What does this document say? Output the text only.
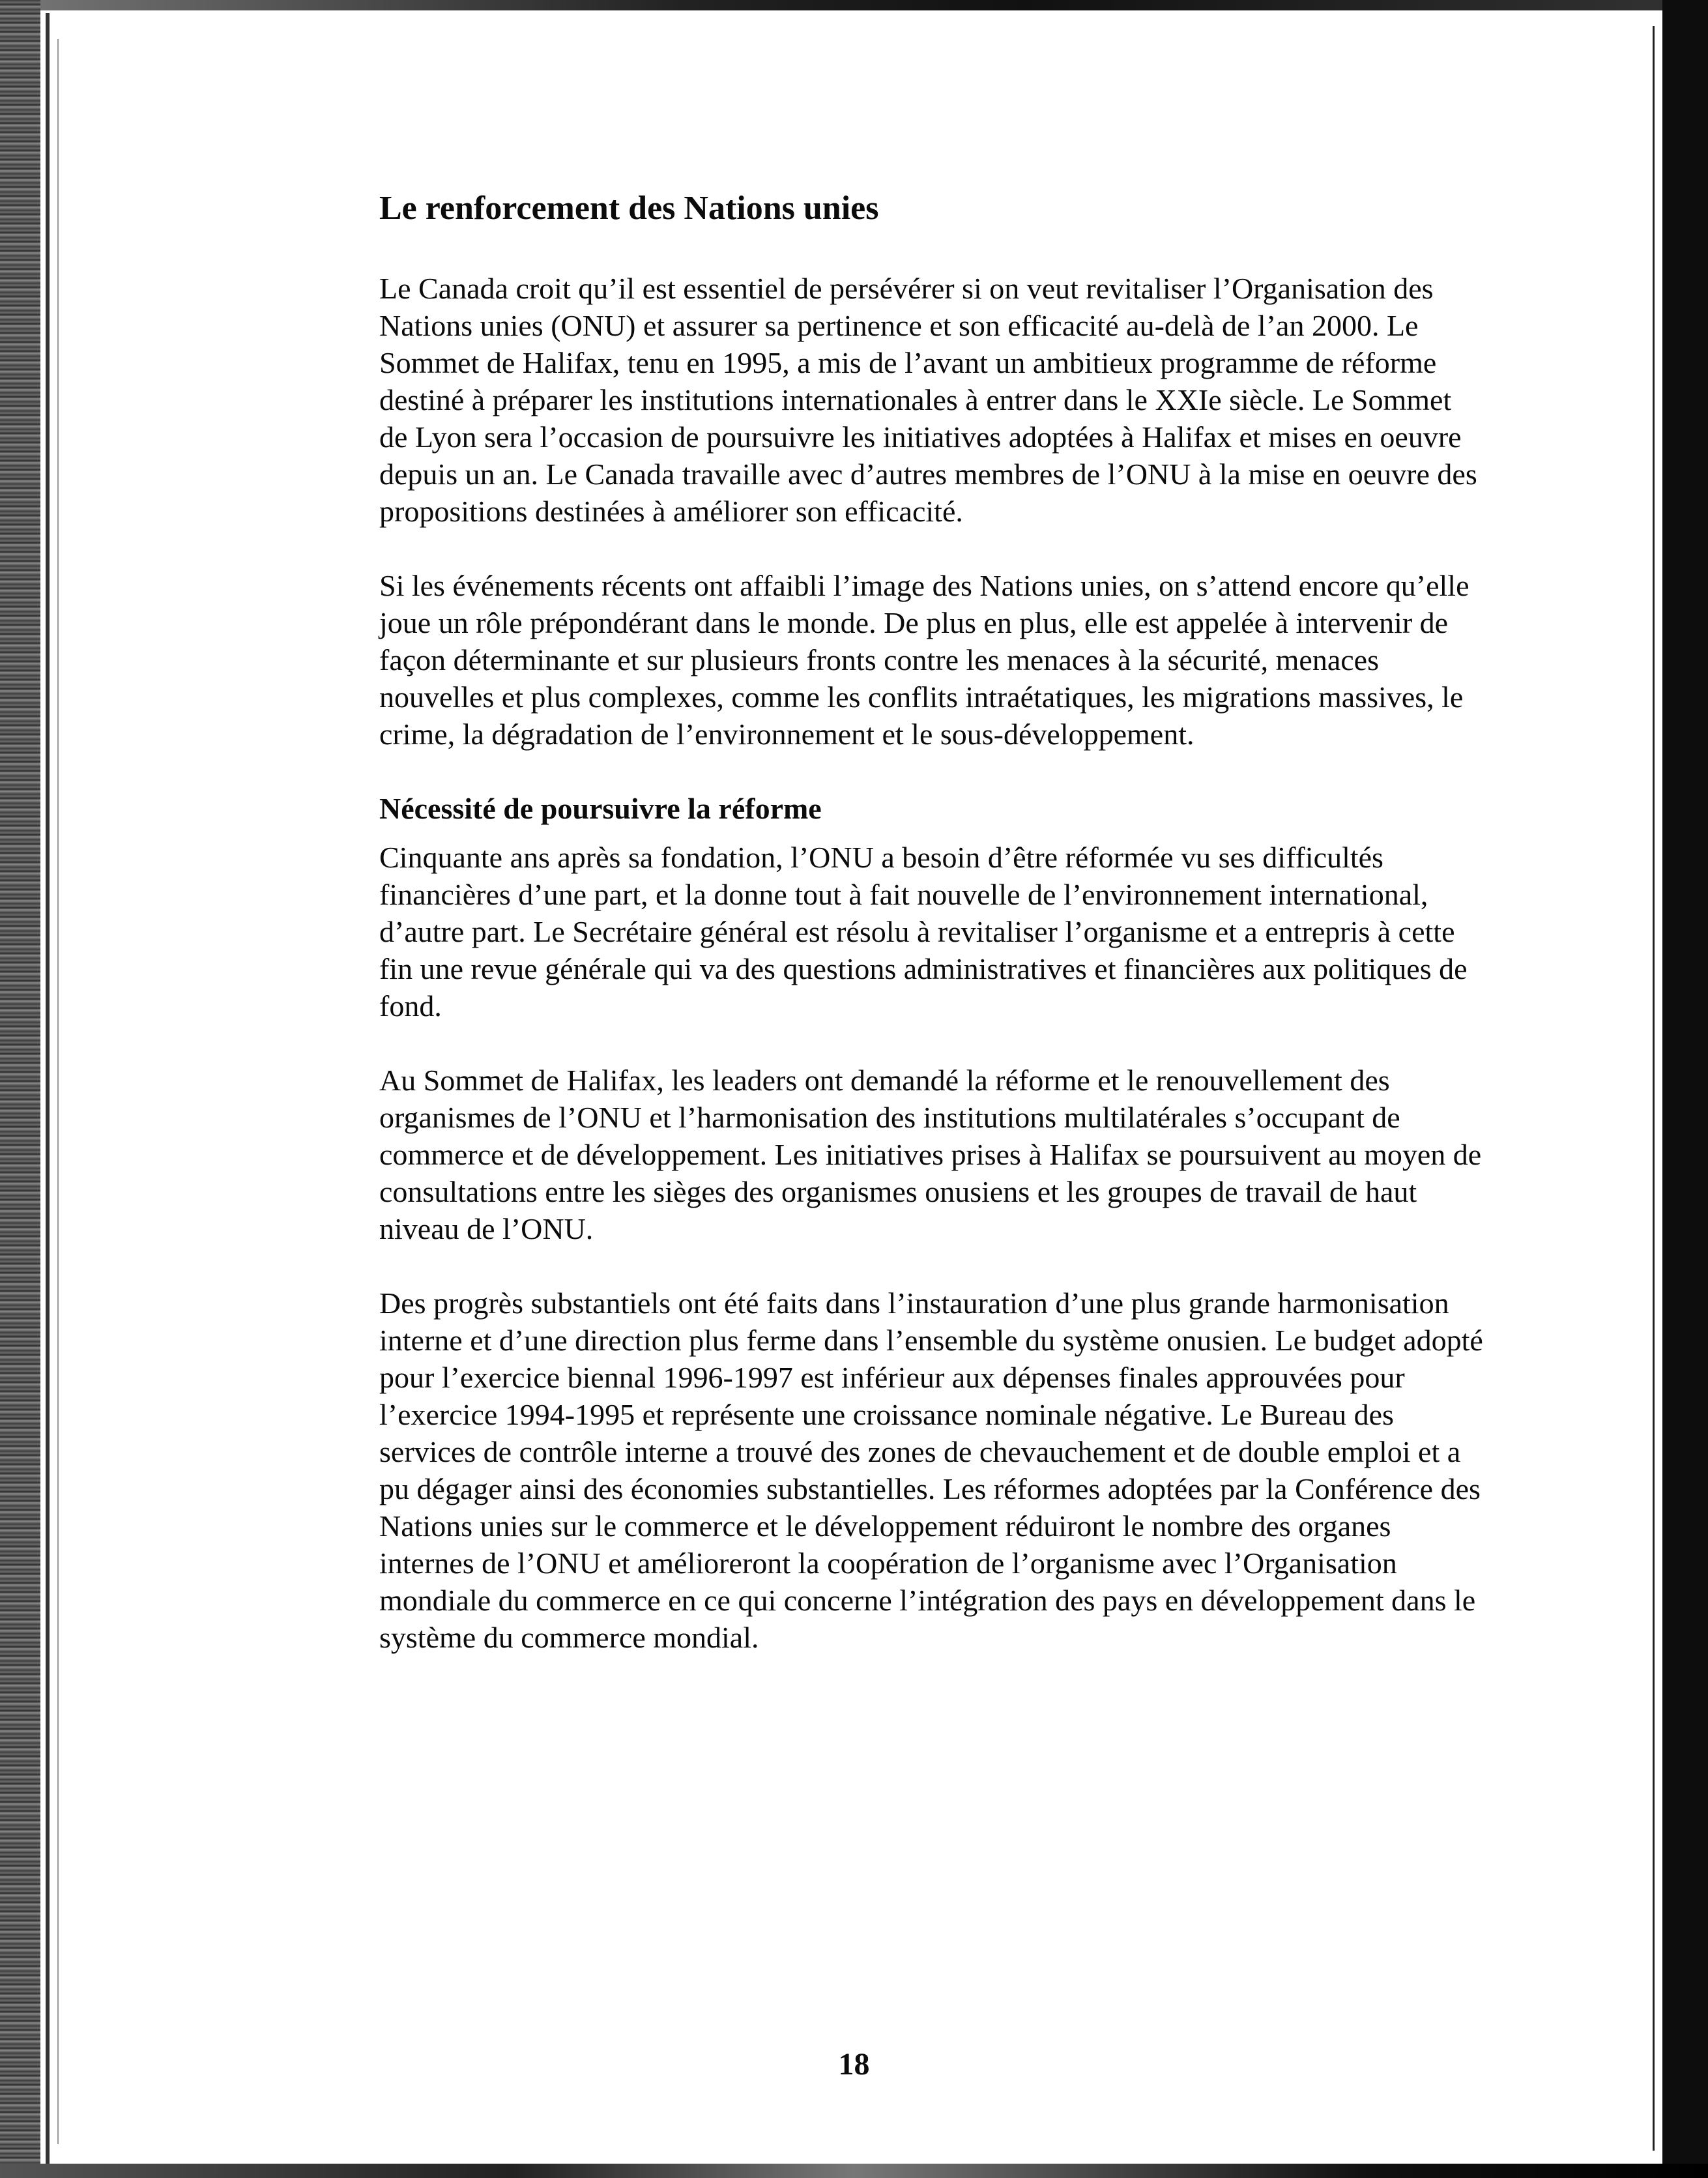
Le renforcement des Nations unies

Le Canada croit qu’il est essentiel de persévérer si on veut revitaliser l’Organisation des Nations unies (ONU) et assurer sa pertinence et son efficacité au-delà de l’an 2000. Le Sommet de Halifax, tenu en 1995, a mis de l’avant un ambitieux programme de réforme destiné à préparer les institutions internationales à entrer dans le XXIe siècle. Le Sommet de Lyon sera l’occasion de poursuivre les initiatives adoptées à Halifax et mises en oeuvre depuis un an. Le Canada travaille avec d’autres membres de l’ONU à la mise en oeuvre des propositions destinées à améliorer son efficacité.

Si les événements récents ont affaibli l’image des Nations unies, on s’attend encore qu’elle joue un rôle prépondérant dans le monde. De plus en plus, elle est appelée à intervenir de façon déterminante et sur plusieurs fronts contre les menaces à la sécurité, menaces nouvelles et plus complexes, comme les conflits intraétatiques, les migrations massives, le crime, la dégradation de l’environnement et le sous-développement.

Nécessité de poursuivre la réforme

Cinquante ans après sa fondation, l’ONU a besoin d’être réformée vu ses difficultés financières d’une part, et la donne tout à fait nouvelle de l’environnement international, d’autre part. Le Secrétaire général est résolu à revitaliser l’organisme et a entrepris à cette fin une revue générale qui va des questions administratives et financières aux politiques de fond.

Au Sommet de Halifax, les leaders ont demandé la réforme et le renouvellement des organismes de l’ONU et l’harmonisation des institutions multilatérales s’occupant de commerce et de développement. Les initiatives prises à Halifax se poursuivent au moyen de consultations entre les sièges des organismes onusiens et les groupes de travail de haut niveau de l’ONU.

Des progrès substantiels ont été faits dans l’instauration d’une plus grande harmonisation interne et d’une direction plus ferme dans l’ensemble du système onusien. Le budget adopté pour l’exercice biennal 1996-1997 est inférieur aux dépenses finales approuvées pour l’exercice 1994-1995 et représente une croissance nominale négative. Le Bureau des services de contrôle interne a trouvé des zones de chevauchement et de double emploi et a pu dégager ainsi des économies substantielles. Les réformes adoptées par la Conférence des Nations unies sur le commerce et le développement réduiront le nombre des organes internes de l’ONU et amélioreront la coopération de l’organisme avec l’Organisation mondiale du commerce en ce qui concerne l’intégration des pays en développement dans le système du commerce mondial.

18
